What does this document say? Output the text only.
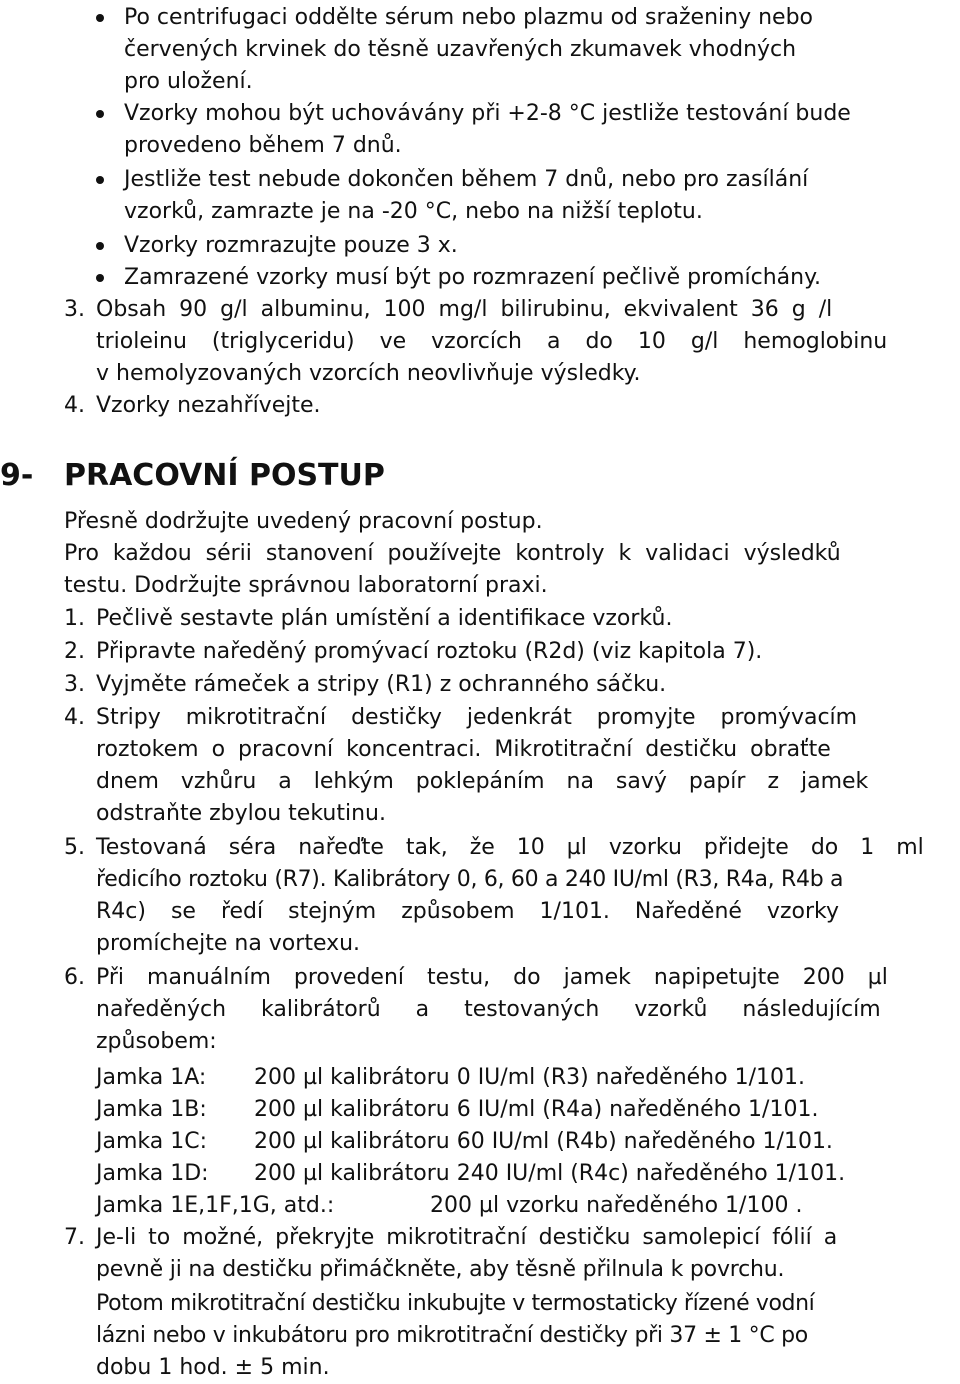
Po centrifugaci oddělte sérum nebo plazmu od sraženiny nebo
červených krvinek do těsně uzavřených zkumavek vhodných
pro uložení.
Vzorky mohou být uchovávány při +2-8 °C jestliže testování bude
provedeno během 7 dnů.
Jestliže test nebude dokončen během 7 dnů, nebo pro zasílání
vzorků, zamrazte je na -20 °C, nebo na nižší teplotu.
Vzorky rozmrazujte pouze 3 x.
Zamrazené vzorky musí být po rozmrazení pečlivě promíchány.
3. Obsah 90 g/l albuminu, 100 mg/l bilirubinu, ekvivalent 36 g /l
trioleinu (triglyceridu) ve vzorcích a do 10 g/l hemoglobinu
v hemolyzovaných vzorcích neovlivňuje výsledky.
4. Vzorky nezahřívejte.
9- PRACOVNÍ POSTUP
Přesně dodržujte uvedený pracovní postup.
Pro každou sérii stanovení používejte kontroly k validaci výsledků
testu. Dodržujte správnou laboratorní praxi.
1. Pečlivě sestavte plán umístění a identifikace vzorků.
2. Připravte naředěný promývací roztoku (R2d) (viz kapitola 7).
3. Vyjměte rámeček a stripy (R1) z ochranného sáčku.
4. Stripy mikrotitrační destičky jedenkrát promyjte promývacím
roztokem o pracovní koncentraci. Mikrotitrační destičku obraťte
dnem vzhůru a lehkým poklepáním na savý papír z jamek
odstraňte zbylou tekutinu.
5. Testovaná séra nařeďte tak, že 10 µl vzorku přidejte do 1 ml
ředicího roztoku (R7). Kalibrátory 0, 6, 60 a 240 IU/ml (R3, R4a, R4b a
R4c) se ředí stejným způsobem 1/101. Naředěné vzorky
promíchejte na vortexu.
6. Při manuálním provedení testu, do jamek napipetujte 200 µl
naředěných kalibrátorů a testovaných vzorků následujícím
způsobem:
Jamka 1A: 200 µl kalibrátoru 0 IU/ml (R3) naředěného 1/101.
Jamka 1B: 200 µl kalibrátoru 6 IU/ml (R4a) naředěného 1/101.
Jamka 1C: 200 µl kalibrátoru 60 IU/ml (R4b) naředěného 1/101.
Jamka 1D: 200 µl kalibrátoru 240 IU/ml (R4c) naředěného 1/101.
Jamka 1E,1F,1G, atd.:	200 µl vzorku naředěného 1/100 .
7. Je-li to možné, překryjte mikrotitrační destičku samolepicí fólií a
pevně ji na destičku přimáčkněte, aby těsně přilnula k povrchu.
Potom mikrotitrační destičku inkubujte v termostaticky řízené vodní
lázni nebo v inkubátoru pro mikrotitrační destičky při 37 ± 1 °C po
dobu 1 hod. ± 5 min.
